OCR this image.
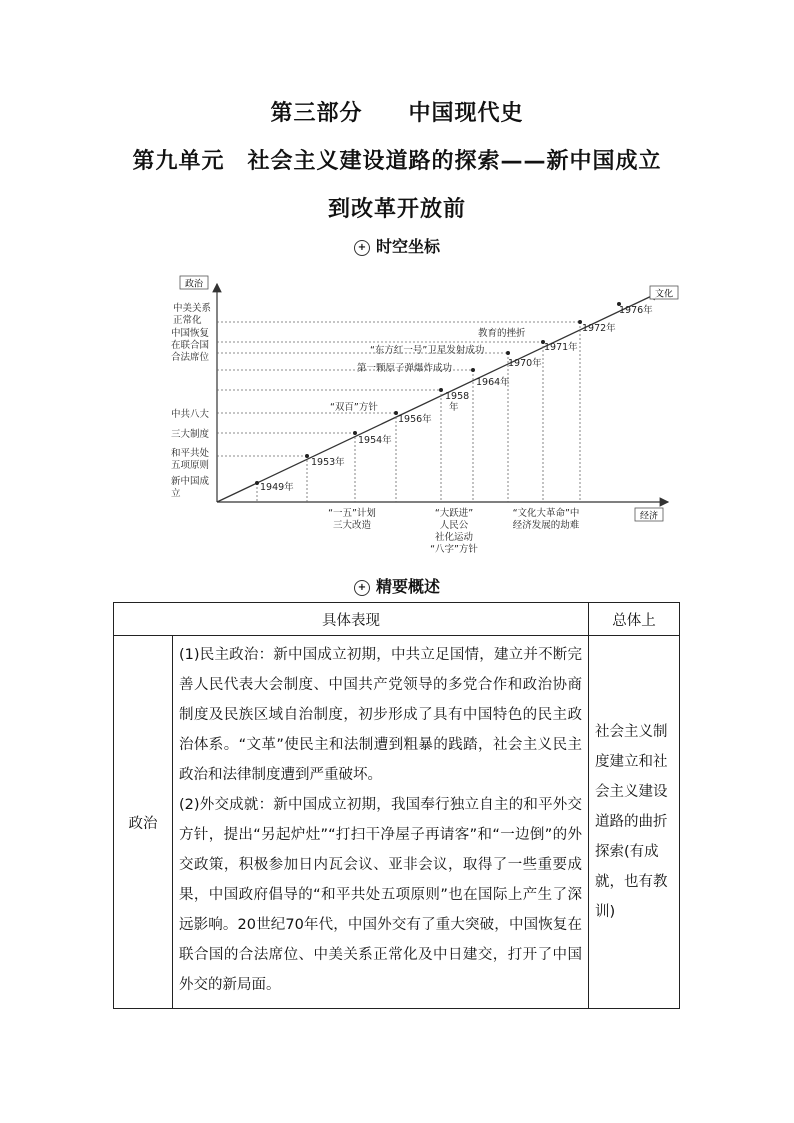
第三部分　　中国现代史
第九单元　社会主义建设道路的探索——新中国成立
到改革开放前
+ 时空坐标
政治
文化
经济
1949年
1953年
1954年
1956年
1958
年
1964年
1970年
1971年
1972年
1976年
教育的挫折
“东方红一号”卫星发射成功
第一颗原子弹爆炸成功
“双百”方针
中美关系
正常化
中国恢复
在联合国
合法席位
中共八大
三大制度
和平共处
五项原则
新中国成
立
“一五”计划
三大改造
“大跃进”
人民公
社化运动
“八字”方针
“文化大革命”中
经济发展的劫难
+ 精要概述
具体表现		总体上
政治	(1)民主政治：新中国成立初期，中共立足国情，建立并不断完善人民代表大会制度、中国共产党领导的多党合作和政治协商制度及民族区域自治制度，初步形成了具有中国特色的民主政治体系。“文革”使民主和法制遭到粗暴的践踏，社会主义民主政治和法律制度遭到严重破坏。

(2)外交成就：新中国成立初期，我国奉行独立自主的和平外交方针，提出“另起炉灶”“打扫干净屋子再请客”和“一边倒”的外交政策，积极参加日内瓦会议、亚非会议，取得了一些重要成果，中国政府倡导的“和平共处五项原则”也在国际上产生了深远影响。20世纪70年代，中国外交有了重大突破，中国恢复在联合国的合法席位、中美关系正常化及中日建交，打开了中国外交的新局面。	社会主义制度建立和社会主义建设道路的曲折探索(有成就，也有教训)
